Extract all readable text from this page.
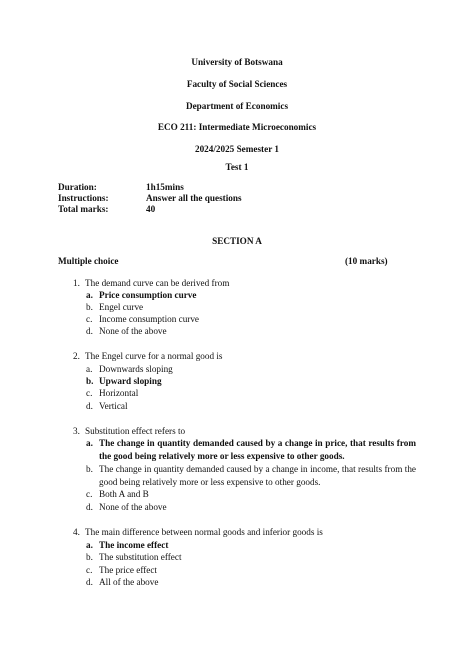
University of Botswana
Faculty of Social Sciences
Department of Economics
ECO 211: Intermediate Microeconomics
2024/2025 Semester 1
Test 1
Duration:	1h15mins
Instructions:	Answer all the questions
Total marks:	40
SECTION A
Multiple choice	(10 marks)
1. The demand curve can be derived from
a. Price consumption curve
b. Engel curve
c. Income consumption curve
d. None of the above
2. The Engel curve for a normal good is
a. Downwards sloping
b. Upward sloping
c. Horizontal
d. Vertical
3. Substitution effect refers to
a. The change in quantity demanded caused by a change in price, that results from the good being relatively more or less expensive to other goods.
b. The change in quantity demanded caused by a change in income, that results from the good being relatively more or less expensive to other goods.
c. Both A and B
d. None of the above
4. The main difference between normal goods and inferior goods is
a. The income effect
b. The substitution effect
c. The price effect
d. All of the above
